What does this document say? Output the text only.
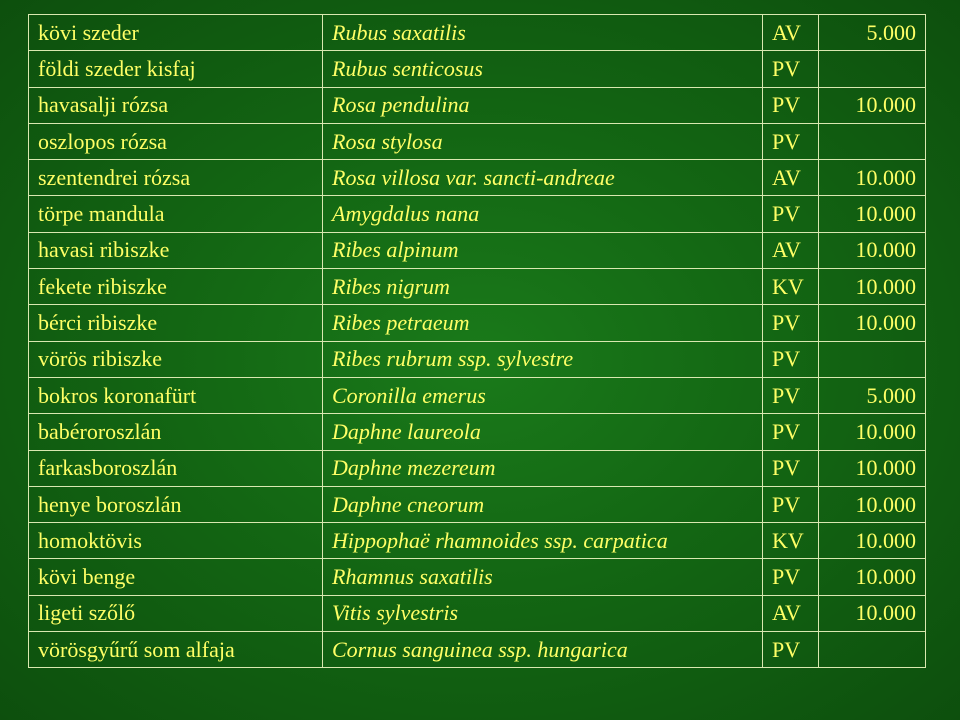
kövi szeder	Rubus saxatilis	AV	5.000
földi szeder kisfaj	Rubus senticosus	PV	
havasalji rózsa	Rosa pendulina	PV	10.000
oszlopos rózsa	Rosa stylosa	PV	
szentendrei rózsa	Rosa villosa var. sancti-andreae	AV	10.000
törpe mandula	Amygdalus nana	PV	10.000
havasi ribiszke	Ribes alpinum	AV	10.000
fekete ribiszke	Ribes nigrum	KV	10.000
bérci ribiszke	Ribes petraeum	PV	10.000
vörös ribiszke	Ribes rubrum ssp. sylvestre	PV	
bokros koronafürt	Coronilla emerus	PV	5.000
babéroroszlán	Daphne laureola	PV	10.000
farkasboroszlán	Daphne mezereum	PV	10.000
henye boroszlán	Daphne cneorum	PV	10.000
homoktövis	Hippophaë rhamnoides ssp. carpatica	KV	10.000
kövi benge	Rhamnus saxatilis	PV	10.000
ligeti szőlő	Vitis sylvestris	AV	10.000
vörösgyűrű som alfaja	Cornus sanguinea ssp. hungarica	PV	
